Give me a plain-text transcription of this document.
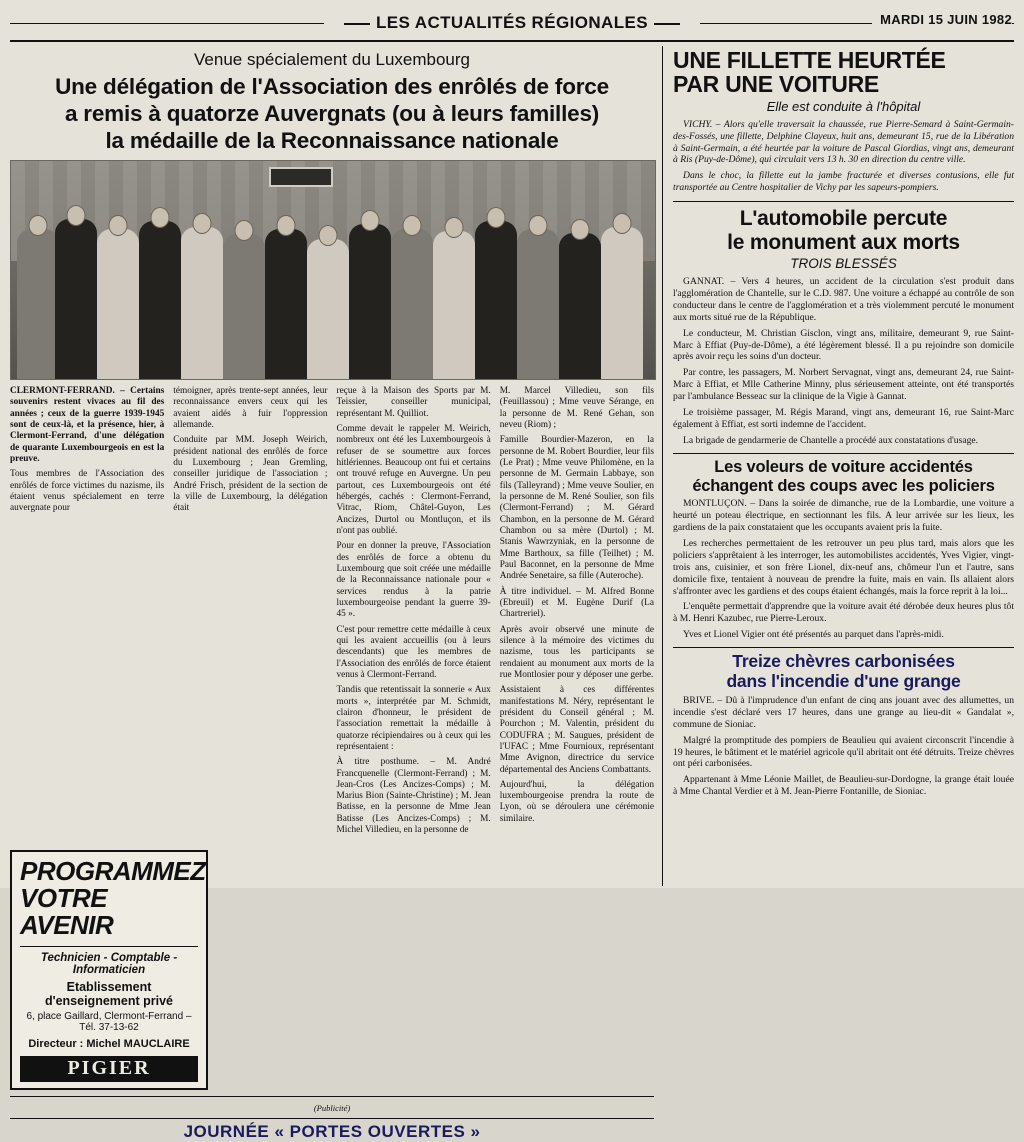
LES ACTUALITÉS RÉGIONALES	MARDI 15 JUIN 1982
Venue spécialement du Luxembourg
Une délégation de l'Association des enrôlés de force
a remis à quatorze Auvergnats (ou à leurs familles)
la médaille de la Reconnaissance nationale

CLERMONT-FERRAND. – Certains souvenirs restent vivaces au fil des années ; ceux de la guerre 1939-1945 sont de ceux-là, et la présence, hier, à Clermont-Ferrand, d'une délégation de quarante Luxembourgeois en est la preuve.

Tous membres de l'Association des enrôlés de force victimes du nazisme, ils étaient venus spécialement en terre auvergnate pour

témoigner, après trente-sept années, leur reconnaissance envers ceux qui les avaient aidés à fuir l'oppression allemande.

Conduite par MM. Joseph Weirich, président national des enrôlés de force du Luxembourg ; Jean Gremling, conseiller juridique de l'association ; André Frisch, président de la section de la ville de Luxembourg, la délégation était

reçue à la Maison des Sports par M. Teissier, conseiller municipal, représentant M. Quilliot.

Comme devait le rappeler M. Weirich, nombreux ont été les Luxembourgeois à refuser de se soumettre aux forces hitlériennes. Beaucoup ont fui et certains ont trouvé refuge en Auvergne. Un peu partout, ces Luxembourgeois ont été hébergés, cachés : Clermont-Ferrand, Vitrac, Riom, Châtel-Guyon, Les Ancizes, Durtol ou Montluçon, et ils n'ont pas oublié.

Pour en donner la preuve, l'Association des enrôlés de force a obtenu du Luxembourg que soit créée une médaille de la Reconnaissance nationale pour « services rendus à la patrie luxembourgeoise pendant la guerre 39-45 ».

C'est pour remettre cette médaille à ceux qui les avaient accueillis (ou à leurs descendants) que les membres de l'Association des enrôlés de force étaient venus à Clermont-Ferrand.

Tandis que retentissait la sonnerie « Aux morts », interprétée par M. Schmidt, clairon d'honneur, le président de l'association remettait la médaille à quatorze récipiendaires ou à ceux qui les représentaient :

À titre posthume. – M. André Francquenelle (Clermont-Ferrand) ; M. Jean-Cros (Les Ancizes-Comps) ; M. Marius Bion (Sainte-Christine) ; M. Jean Batisse, en la personne de Mme Jean Batisse (Les Ancizes-Comps) ; M. Michel Villedieu, en la personne de

M. Marcel Villedieu, son fils (Feuillassou) ; Mme veuve Sérange, en la personne de M. René Gehan, son neveu (Riom) ;

Famille Bourdier-Mazeron, en la personne de M. Robert Bourdier, leur fils (Le Prat) ; Mme veuve Philomène, en la personne de M. Germain Labbaye, son fils (Talleyrand) ; Mme veuve Soulier, en la personne de M. René Soulier, son fils (Clermont-Ferrand) ; M. Gérard Chambon, en la personne de M. Gérard Chambon ou sa mère (Durtol) ; M. Stanis Wawrzyniak, en la personne de Mme Barthoux, sa fille (Teilhet) ; M. Paul Baconnet, en la personne de Mme Andrée Senetaire, sa fille (Auteroche).

À titre individuel. – M. Alfred Bonne (Ebreuil) et M. Eugène Durif (La Chartreriel).

Après avoir observé une minute de silence à la mémoire des victimes du nazisme, tous les participants se rendaient au monument aux morts de la rue Montlosier pour y déposer une gerbe.

Assistaient à ces différentes manifestations M. Néry, représentant le président du Conseil général ; M. Pourchon ; M. Valentin, président du CODUFRA ; M. Saugues, président de l'UFAC ; Mme Fournioux, représentant Mme Avignon, directrice du service départemental des Anciens Combattants.

Aujourd'hui, la délégation luxembourgeoise prendra la route de Lyon, où se déroulera une cérémonie similaire.

PROGRAMMEZ
VOTRE AVENIR
Technicien - Comptable - Informaticien
Etablissement d'enseignement privé
6, place Gaillard, Clermont-Ferrand – Tél. 37-13-62
Directeur : Michel MAUCLAIRE
PIGIER
(Publicité)
JOURNÉE « PORTES OUVERTES »
UNE FILLETTE HEURTÉE
PAR UNE VOITURE
Elle est conduite à l'hôpital

VICHY. – Alors qu'elle traversait la chaussée, rue Pierre-Semard à Saint-Germain-des-Fossés, une fillette, Delphine Clayeux, huit ans, demeurant 15, rue de la Libération à Saint-Germain, a été heurtée par la voiture de Pascal Giordias, vingt ans, demeurant à Ris (Puy-de-Dôme), qui circulait vers 13 h. 30 en direction du centre ville.

Dans le choc, la fillette eut la jambe fracturée et diverses contusions, elle fut transportée au Centre hospitalier de Vichy par les sapeurs-pompiers.

L'automobile percute
le monument aux morts
TROIS BLESSÉS

GANNAT. – Vers 4 heures, un accident de la circulation s'est produit dans l'agglomération de Chantelle, sur le C.D. 987. Une voiture a échappé au contrôle de son conducteur dans le centre de l'agglomération et a très violemment percuté le monument aux morts situé rue de la République.

Le conducteur, M. Christian Gisclon, vingt ans, militaire, demeurant 9, rue Saint-Marc à Effiat (Puy-de-Dôme), a été légèrement blessé. Il a pu rejoindre son domicile après avoir reçu les soins d'un docteur.

Par contre, les passagers, M. Norbert Servagnat, vingt ans, demeurant 24, rue Saint-Marc à Effiat, et Mlle Catherine Minny, plus sérieusement atteinte, ont été transportés par l'ambulance Besseac sur la clinique de la Vigie à Gannat.

Le troisième passager, M. Régis Marand, vingt ans, demeurant 16, rue Saint-Marc également à Effiat, est sorti indemne de l'accident.

La brigade de gendarmerie de Chantelle a procédé aux constatations d'usage.

Les voleurs de voiture accidentés
échangent des coups avec les policiers

MONTLUÇON. – Dans la soirée de dimanche, rue de la Lombardie, une voiture a heurté un poteau électrique, en sectionnant les fils. A leur arrivée sur les lieux, les gardiens de la paix constataient que les occupants avaient pris la fuite.

Les recherches permettaient de les retrouver un peu plus tard, mais alors que les policiers s'apprêtaient à les interroger, les automobilistes accidentés, Yves Vigier, vingt-trois ans, cuisinier, et son frère Lionel, dix-neuf ans, chômeur l'un et l'autre, sans domicile fixe, tentaient à nouveau de prendre la fuite, mais en vain. Ils allaient alors s'affronter avec les gardiens et des coups étaient échangés, mais la force reprit à la loi...

L'enquête permettait d'apprendre que la voiture avait été dérobée deux heures plus tôt à M. Henri Kazubec, rue Pierre-Leroux.

Yves et Lionel Vigier ont été présentés au parquet dans l'après-midi.

Treize chèvres carbonisées
dans l'incendie d'une grange

BRIVE. – Dû à l'imprudence d'un enfant de cinq ans jouant avec des allumettes, un incendie s'est déclaré vers 17 heures, dans une grange au lieu-dit « Gandalat », commune de Sioniac.

Malgré la promptitude des pompiers de Beaulieu qui avaient circonscrit l'incendie à 19 heures, le bâtiment et le matériel agricole qu'il abritait ont été détruits. Treize chèvres ont péri carbonisées.

Appartenant à Mme Léonie Maillet, de Beaulieu-sur-Dordogne, la grange était louée à Mme Chantal Verdier et à M. Jean-Pierre Fontanille, de Sioniac.
